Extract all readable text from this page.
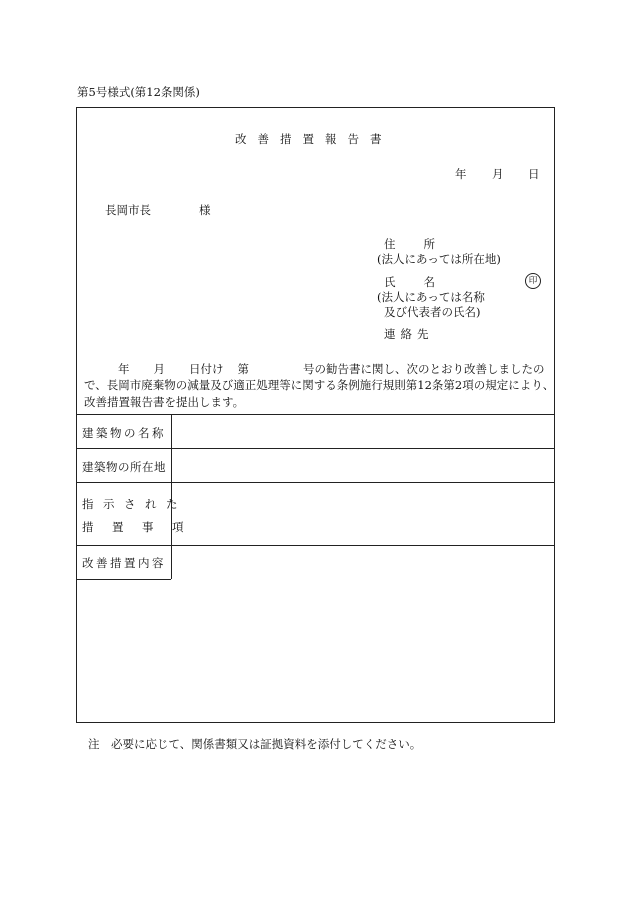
第5号様式(第12条関係)
改善措置報告書
年 月 日
長岡市長	様
住 所
(法人にあっては所在地)
氏 名	印
(法人にあっては名称
及び代表者の氏名)
連絡先
年 月 日付け 第	号の勧告書に関し、次のとおり改善しましたの
で、長岡市廃棄物の減量及び適正処理等に関する条例施行規則第12条第2項の規定により、
改善措置報告書を提出します。
建築物の名称
建築物の所在地
指示された
措 置 事 項
改善措置内容
注　必要に応じて、関係書類又は証拠資料を添付してください。
